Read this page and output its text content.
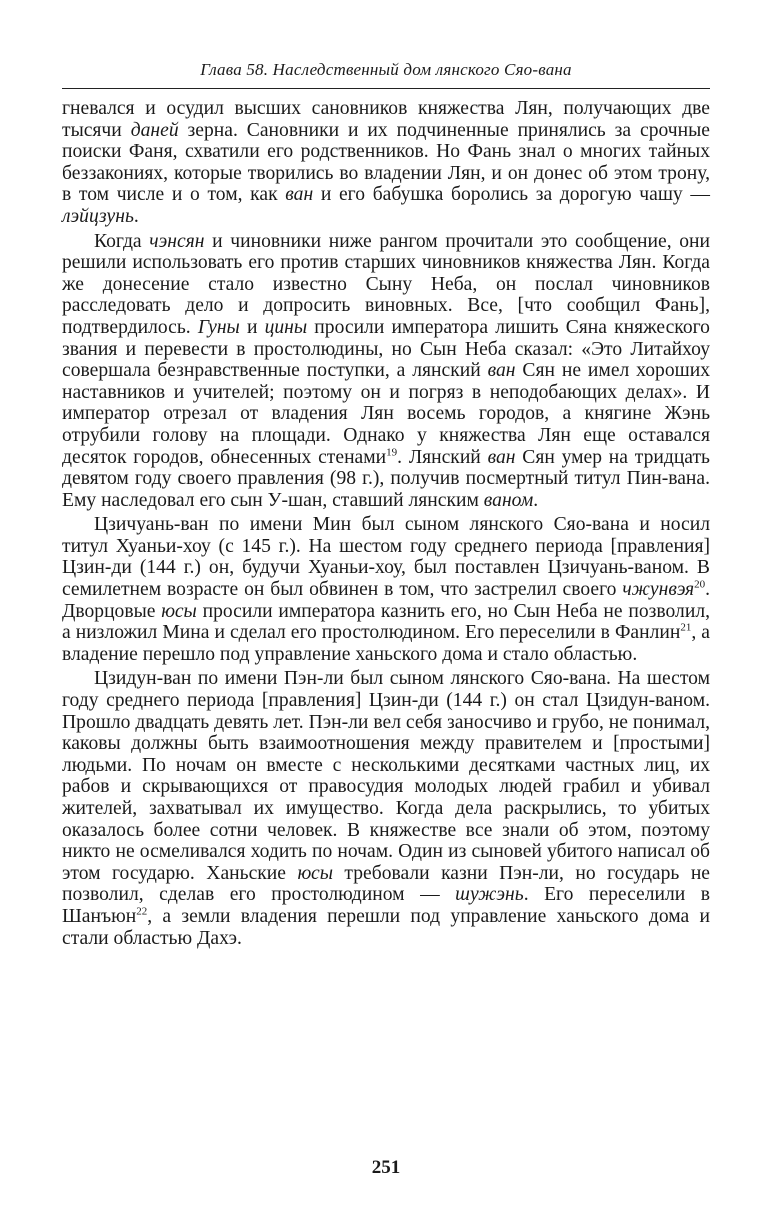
Глава 58. Наследственный дом лянского Сяо-вана

гневался и осудил высших сановников княжества Лян, получающих две тысячи даней зерна. Сановники и их подчиненные принялись за срочные поиски Фаня, схватили его родственников. Но Фань знал о многих тайных беззакониях, которые творились во владении Лян, и он донес об этом трону, в том числе и о том, как ван и его бабушка боролись за дорогую чашу — лэйцзунь.

Когда чэнсян и чиновники ниже рангом прочитали это сообщение, они решили использовать его против старших чиновников княжества Лян. Когда же донесение стало известно Сыну Неба, он послал чиновников расследовать дело и допросить виновных. Все, [что сообщил Фань], подтвердилось. Гуны и цины просили императора лишить Сяна княжеского звания и перевести в простолюдины, но Сын Неба сказал: «Это Литайхоу совершала безнравственные поступки, а лянский ван Сян не имел хороших наставников и учителей; поэтому он и погряз в неподобающих делах». И император отрезал от владения Лян восемь городов, а княгине Жэнь отрубили голову на площади. Однако у княжества Лян еще оставался десяток городов, обнесенных стенами$^{19}$. Лянский ван Сян умер на тридцать девятом году своего правления (98 г.), получив посмертный титул Пин-вана. Ему наследовал его сын У-шан, ставший лянским ваном.

Цзичуань-ван по имени Мин был сыном лянского Сяо-вана и носил титул Хуаньи-хоу (с 145 г.). На шестом году среднего периода [правления] Цзин-ди (144 г.) он, будучи Хуаньи-хоу, был поставлен Цзичуань-ваном. В семилетнем возрасте он был обвинен в том, что застрелил своего чжунвэя$^{20}$. Дворцовые юсы просили императора казнить его, но Сын Неба не позволил, а низложил Мина и сделал его простолюдином. Его переселили в Фанлин$^{21}$, а владение перешло под управление ханьского дома и стало областью.

Цзидун-ван по имени Пэн-ли был сыном лянского Сяо-вана. На шестом году среднего периода [правления] Цзин-ди (144 г.) он стал Цзидун-ваном. Прошло двадцать девять лет. Пэн-ли вел себя заносчиво и грубо, не понимал, каковы должны быть взаимоотношения между правителем и [простыми] людьми. По ночам он вместе с несколькими десятками частных лиц, их рабов и скрывающихся от правосудия молодых людей грабил и убивал жителей, захватывал их имущество. Когда дела раскрылись, то убитых оказалось более сотни человек. В княжестве все знали об этом, поэтому никто не осмеливался ходить по ночам. Один из сыновей убитого написал об этом государю. Ханьские юсы требовали казни Пэн-ли, но государь не позволил, сделав его простолюдином — шужэнь. Его переселили в Шанъюн$^{22}$, а земли владения перешли под управление ханьского дома и стали областью Дахэ.

251
